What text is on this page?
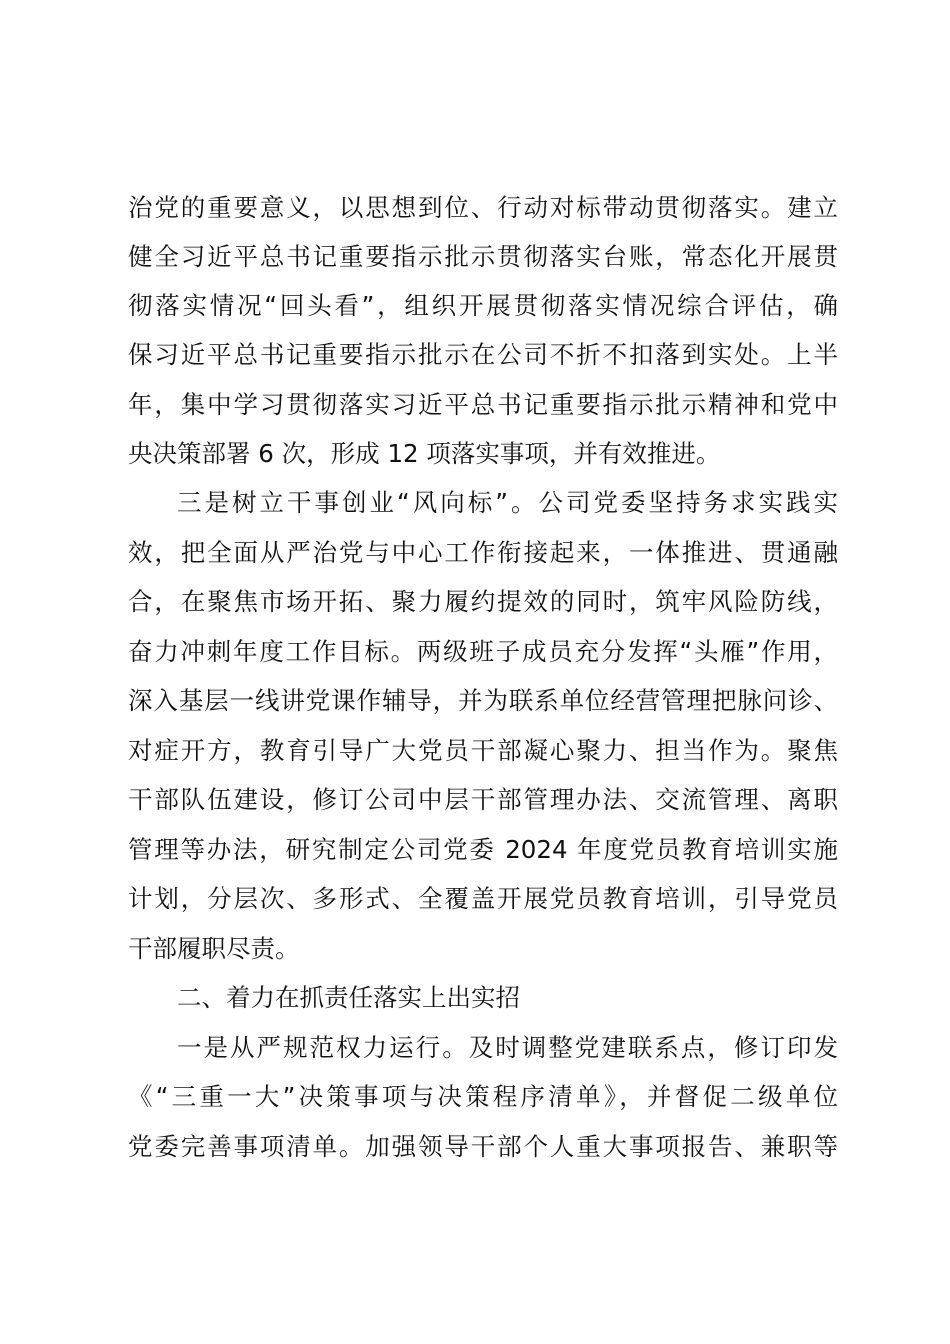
治党的重要意义，以思想到位、行动对标带动贯彻落实。建立
健全习近平总书记重要指示批示贯彻落实台账，常态化开展贯
彻落实情况“回头看”，组织开展贯彻落实情况综合评估，确
保习近平总书记重要指示批示在公司不折不扣落到实处。上半
年，集中学习贯彻落实习近平总书记重要指示批示精神和党中
央决策部署 6 次，形成 12 项落实事项，并有效推进。
三是树立干事创业“风向标”。公司党委坚持务求实践实
效，把全面从严治党与中心工作衔接起来，一体推进、贯通融
合，在聚焦市场开拓、聚力履约提效的同时，筑牢风险防线，
奋力冲刺年度工作目标。两级班子成员充分发挥“头雁”作用，
深入基层一线讲党课作辅导，并为联系单位经营管理把脉问诊、
对症开方，教育引导广大党员干部凝心聚力、担当作为。聚焦
干部队伍建设，修订公司中层干部管理办法、交流管理、离职
管理等办法，研究制定公司党委 2024 年度党员教育培训实施
计划，分层次、多形式、全覆盖开展党员教育培训，引导党员
干部履职尽责。
二、着力在抓责任落实上出实招
一是从严规范权力运行。及时调整党建联系点，修订印发
《“三重一大”决策事项与决策程序清单》，并督促二级单位
党委完善事项清单。加强领导干部个人重大事项报告、兼职等
